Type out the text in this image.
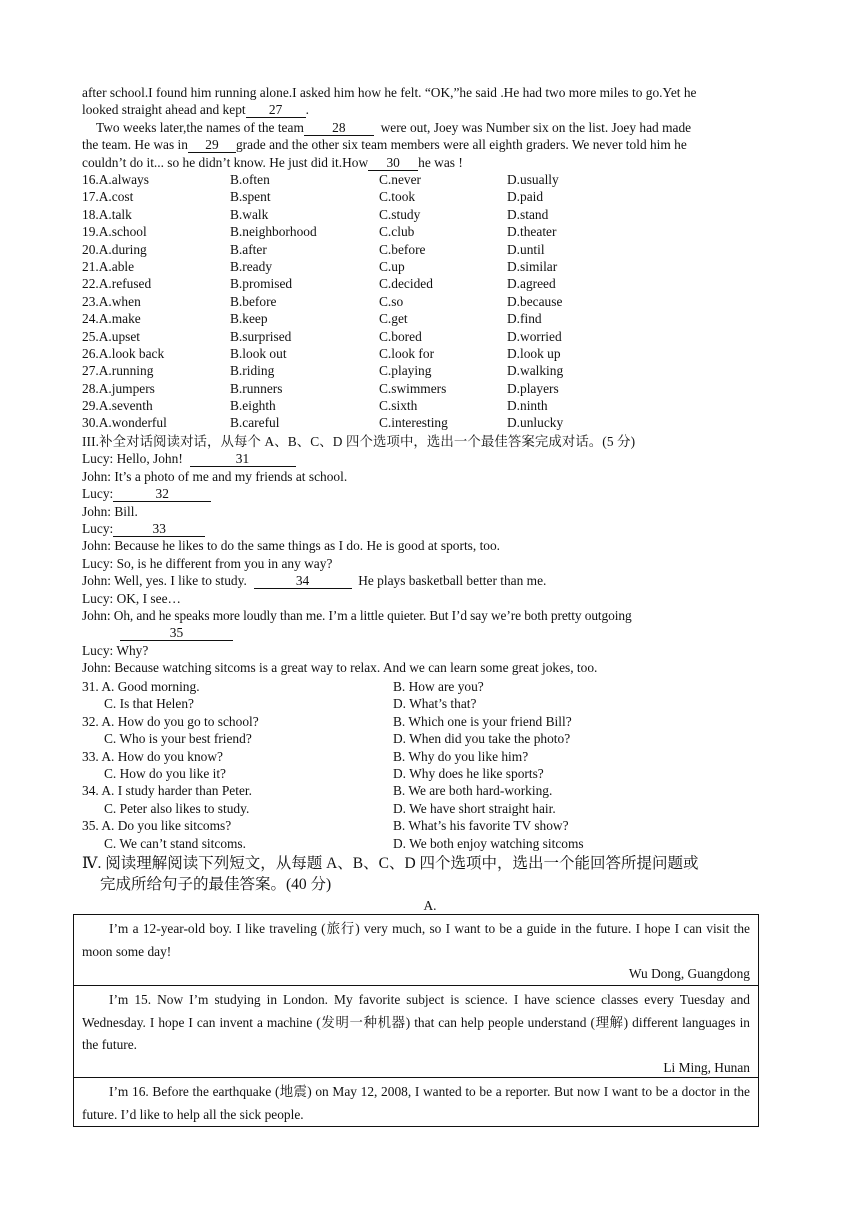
after school.I found him running alone.I asked him how he felt. “OK,”he said .He had two more miles to go.Yet he
looked straight ahead and kept 27 .
Two weeks later,the names of the team 28	were out, Joey was Number six on the list. Joey had made
the team. He was in 29 grade and the other six team members were all eighth graders. We never told him he
couldn’t do it... so he didn’t know. He just did it.How 30 he was !
16.A.always	B.often	C.never	D.usually
17.A.cost	B.spent	C.took	D.paid
18.A.talk	B.walk	C.study	D.stand
19.A.school	B.neighborhood	C.club	D.theater
20.A.during	B.after	C.before	D.until
21.A.able	B.ready	C.up	D.similar
22.A.refused	B.promised	C.decided	D.agreed
23.A.when	B.before	C.so	D.because
24.A.make	B.keep	C.get	D.find
25.A.upset	B.surprised	C.bored	D.worried
26.A.look back	B.look out	C.look for	D.look up
27.A.running	B.riding	C.playing	D.walking
28.A.jumpers	B.runners	C.swimmers	D.players
29.A.seventh	B.eighth	C.sixth	D.ninth
30.A.wonderful	B.careful	C.interesting	D.unlucky
III.补全对话阅读对话，从每个 A、B、C、D 四个选项中，选出一个最佳答案完成对话。(5 分)
Lucy: Hello, John!	31
John: It’s a photo of me and my friends at school.
Lucy:	32
John: Bill.
Lucy:	33
John: Because he likes to do the same things as I do. He is good at sports, too.
Lucy: So, is he different from you in any way?
John: Well, yes. I like to study.	34	He plays basketball better than me.
Lucy: OK, I see…
John: Oh, and he speaks more loudly than me. I’m a little quieter. But I’d say we’re both pretty outgoing
35
Lucy: Why?
John: Because watching sitcoms is a great way to relax. And we can learn some great jokes, too.
31. A. Good morning.	B. How are you?
C. Is that Helen?	D. What’s that?
32. A. How do you go to school?	B. Which one is your friend Bill?
C. Who is your best friend?	D. When did you take the photo?
33. A. How do you know?	B. Why do you like him?
C. How do you like it?	D. Why does he like sports?
34. A. I study harder than Peter.	B. We are both hard-working.
C. Peter also likes to study.	D. We have short straight hair.
35. A. Do you like sitcoms?	B. What’s his favorite TV show?
C. We can’t stand sitcoms.	D. We both enjoy watching sitcoms
Ⅳ. 阅读理解阅读下列短文，从每题 A、B、C、D 四个选项中，选出一个能回答所提问题或
完成所给句子的最佳答案。(40 分)
A.
I’m a 12-year-old boy. I like traveling (旅行) very much, so I want to be a guide in the future. I hope I can visit the moon some day!
Wu Dong, Guangdong
I’m 15. Now I’m studying in London. My favorite subject is science. I have science classes every Tuesday and Wednesday. I hope I can invent a machine (发明一种机器) that can help people understand (理解) different languages in the future.
Li Ming, Hunan
I’m 16. Before the earthquake (地震) on May 12, 2008, I wanted to be a reporter. But now I want to be a doctor in the future. I’d like to help all the sick people.
